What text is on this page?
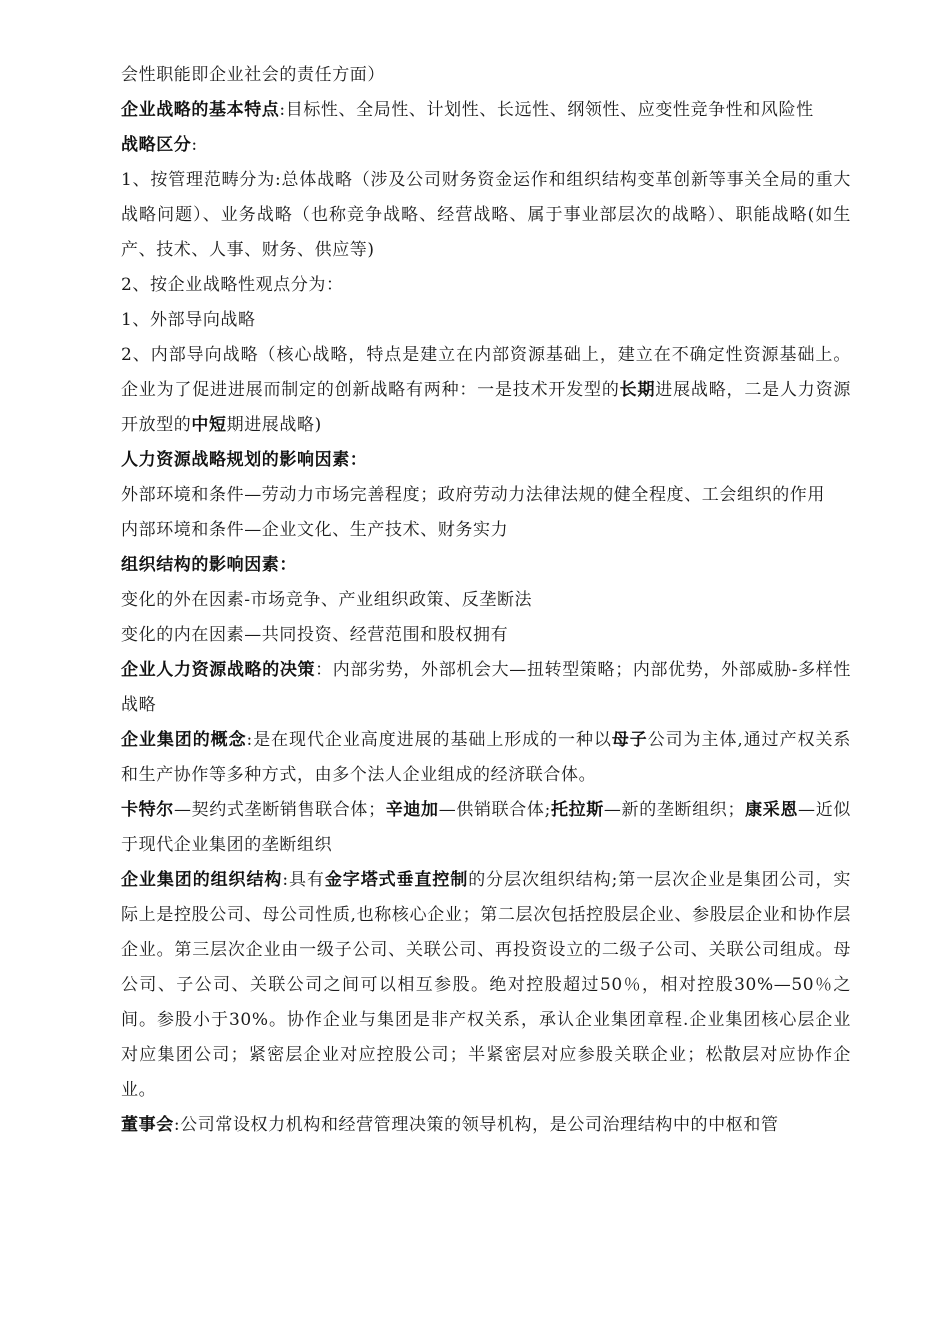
会性职能即企业社会的责任方面）

企业战略的基本特点:目标性、全局性、计划性、长远性、纲领性、应变性竞争性和风险性

战略区分:

1、按管理范畴分为:总体战略（涉及公司财务资金运作和组织结构变革创新等事关全局的重大战略问题）、业务战略（也称竞争战略、经营战略、属于事业部层次的战略）、职能战略(如生产、技术、人事、财务、供应等)

2、按企业战略性观点分为：

1、外部导向战略

2、内部导向战略（核心战略，特点是建立在内部资源基础上，建立在不确定性资源基础上。企业为了促进进展而制定的创新战略有两种：一是技术开发型的长期进展战略，二是人力资源开放型的中短期进展战略)

人力资源战略规划的影响因素：

外部环境和条件—劳动力市场完善程度；政府劳动力法律法规的健全程度、工会组织的作用

内部环境和条件—企业文化、生产技术、财务实力

组织结构的影响因素：

变化的外在因素-市场竞争、产业组织政策、反垄断法

变化的内在因素—共同投资、经营范围和股权拥有

企业人力资源战略的决策：内部劣势，外部机会大—扭转型策略；内部优势，外部威胁-多样性战略

企业集团的概念:是在现代企业高度进展的基础上形成的一种以母子公司为主体,通过产权关系和生产协作等多种方式，由多个法人企业组成的经济联合体。

卡特尔—契约式垄断销售联合体；辛迪加—供销联合体;托拉斯—新的垄断组织；康采恩—近似于现代企业集团的垄断组织

企业集团的组织结构:具有金字塔式垂直控制的分层次组织结构;第一层次企业是集团公司，实际上是控股公司、母公司性质,也称核心企业；第二层次包括控股层企业、参股层企业和协作层企业。第三层次企业由一级子公司、关联公司、再投资设立的二级子公司、关联公司组成。母公司、子公司、关联公司之间可以相互参股。绝对控股超过50％，相对控股30%—50％之间。参股小于30%。协作企业与集团是非产权关系，承认企业集团章程.企业集团核心层企业对应集团公司；紧密层企业对应控股公司；半紧密层对应参股关联企业；松散层对应协作企业。

董事会:公司常设权力机构和经营管理决策的领导机构，是公司治理结构中的中枢和管
